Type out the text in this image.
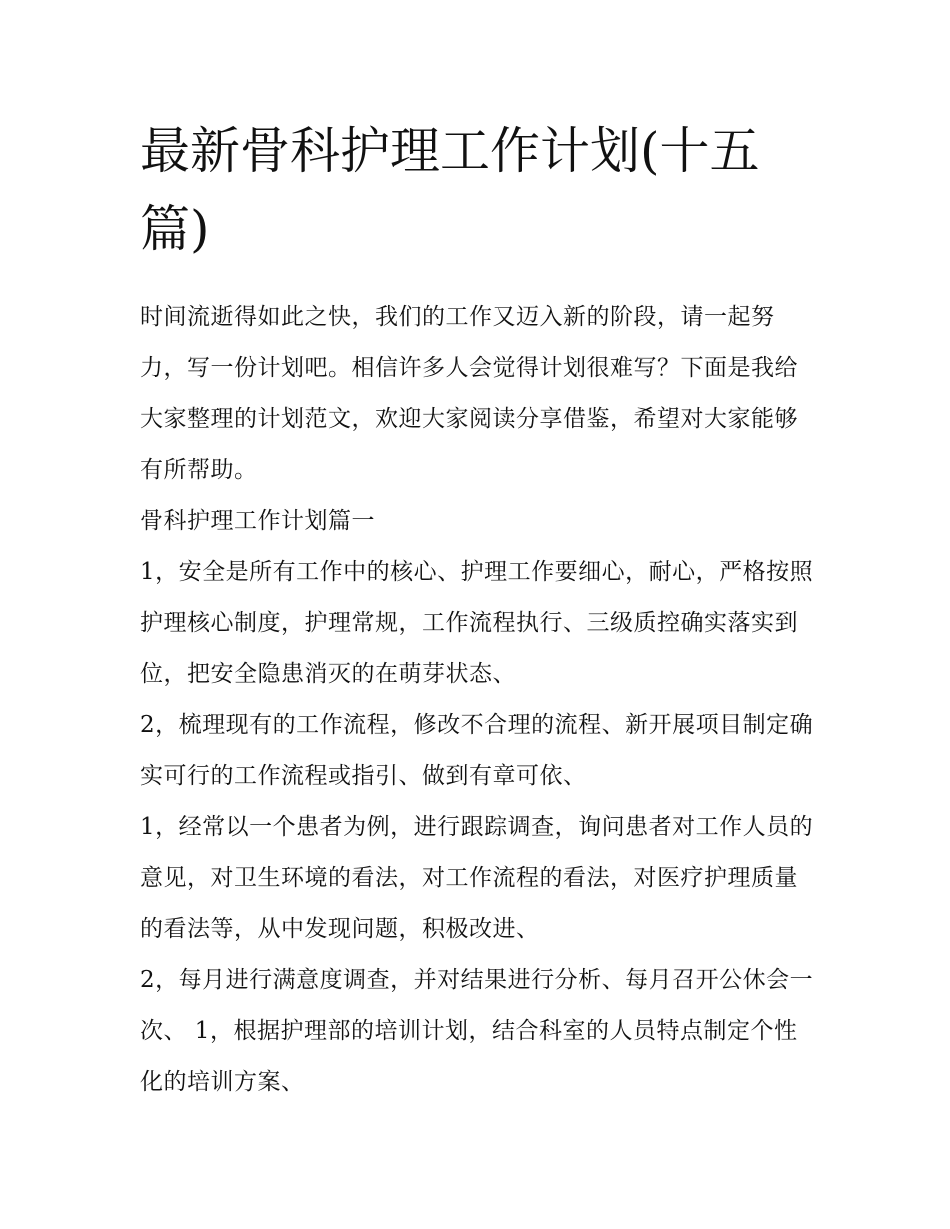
最新骨科护理工作计划(十五篇)

时间流逝得如此之快，我们的工作又迈入新的阶段，请一起努力，写一份计划吧。相信许多人会觉得计划很难写？下面是我给大家整理的计划范文，欢迎大家阅读分享借鉴，希望对大家能够有所帮助。

骨科护理工作计划篇一

1，安全是所有工作中的核心、护理工作要细心，耐心，严格按照护理核心制度，护理常规，工作流程执行、三级质控确实落实到位，把安全隐患消灭的在萌芽状态、

2，梳理现有的工作流程，修改不合理的流程、新开展项目制定确实可行的工作流程或指引、做到有章可依、

1，经常以一个患者为例，进行跟踪调查，询问患者对工作人员的意见，对卫生环境的看法，对工作流程的看法，对医疗护理质量的看法等，从中发现问题，积极改进、

2，每月进行满意度调查，并对结果进行分析、每月召开公休会一次、 1，根据护理部的培训计划，结合科室的人员特点制定个性化的培训方案、
